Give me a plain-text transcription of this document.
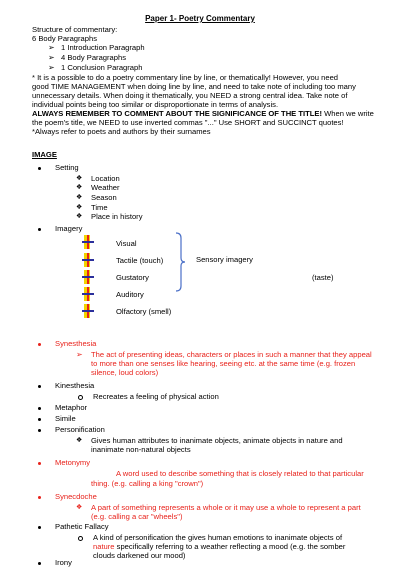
Paper 1- Poetry Commentary
Structure of commentary:
6 Body Paragraphs
➢ 1 Introduction Paragraph
➢ 4 Body Paragraphs
➢ 1 Conclusion Paragraph
* It is a possible to do a poetry commentary line by line, or thematically! However, you need
good TIME MANAGEMENT when doing line by line, and need to take note of including too many
unnecessary details. When doing it thematically, you NEED a strong central idea. Take note of
individual points being too similar or disproportionate in terms of analysis.
ALWAYS REMEMBER TO COMMENT ABOUT THE SIGNIFICANCE OF THE TITLE! When we write
the poem's title, we NEED to use inverted commas "..." Use SHORT and SUCCINCT quotes!
*Always refer to poets and authors by their surnames
IMAGE
Setting
❖ Location
❖ Weather
❖ Season
❖ Time
❖ Place in history
Imagery
Visual
Tactile (touch)
Gustatory
Auditory
Olfactory (smell)
Sensory imagery
(taste)
Synesthesia
➢ The act of presenting ideas, characters or places in such a manner that they appeal
to more than one senses like hearing, seeing etc. at the same time (e.g. frozen
silence, loud colors)
Kinesthesia
Recreates a feeling of physical action
Metaphor
Simile
Personification
❖ Gives human attributes to inanimate objects, animate objects in nature and
inanimate non-natural objects
Metonymy
A word used to describe something that is closely related to that particular
thing. (e.g. calling a king "crown")
Synecdoche
❖ A part of something represents a whole or it may use a whole to represent a part
(e.g. calling a car "wheels")
Pathetic Fallacy
A kind of personification the gives human emotions to inanimate objects of
nature specifically referring to a weather reflecting a mood (e.g. the somber
clouds darkened our mood)
Irony
